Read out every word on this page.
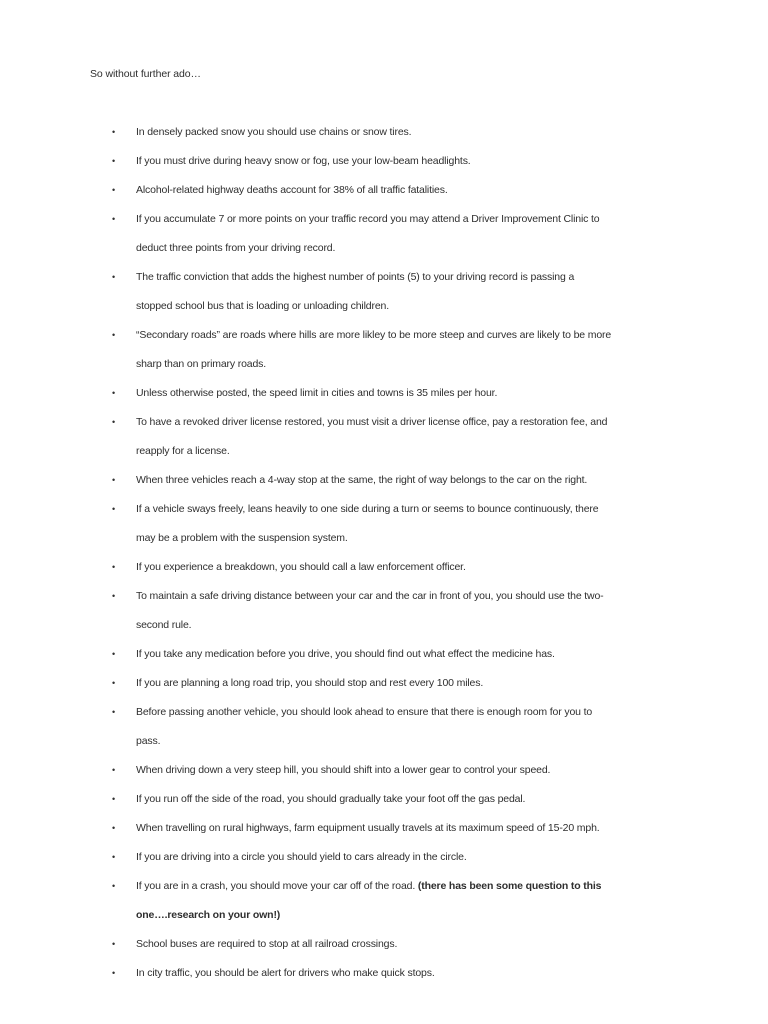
So without further ado…
• In densely packed snow you should use chains or snow tires.
• If you must drive during heavy snow or fog, use your low-beam headlights.
• Alcohol-related highway deaths account for 38% of all traffic fatalities.
• If you accumulate 7 or more points on your traffic record you may attend a Driver Improvement Clinic to
deduct three points from your driving record.
• The traffic conviction that adds the highest number of points (5) to your driving record is passing a
stopped school bus that is loading or unloading children.
• “Secondary roads” are roads where hills are more likley to be more steep and curves are likely to be more
sharp than on primary roads.
• Unless otherwise posted, the speed limit in cities and towns is 35 miles per hour.
• To have a revoked driver license restored, you must visit a driver license office, pay a restoration fee, and
reapply for a license.
• When three vehicles reach a 4-way stop at the same, the right of way belongs to the car on the right.
• If a vehicle sways freely, leans heavily to one side during a turn or seems to bounce continuously, there
may be a problem with the suspension system.
• If you experience a breakdown, you should call a law enforcement officer.
• To maintain a safe driving distance between your car and the car in front of you, you should use the two-
second rule.
• If you take any medication before you drive, you should find out what effect the medicine has.
• If you are planning a long road trip, you should stop and rest every 100 miles.
• Before passing another vehicle, you should look ahead to ensure that there is enough room for you to
pass.
• When driving down a very steep hill, you should shift into a lower gear to control your speed.
• If you run off the side of the road, you should gradually take your foot off the gas pedal.
• When travelling on rural highways, farm equipment usually travels at its maximum speed of 15-20 mph.
• If you are driving into a circle you should yield to cars already in the circle.
• If you are in a crash, you should move your car off of the road. (there has been some question to this
one….research on your own!)
• School buses are required to stop at all railroad crossings.
• In city traffic, you should be alert for drivers who make quick stops.
